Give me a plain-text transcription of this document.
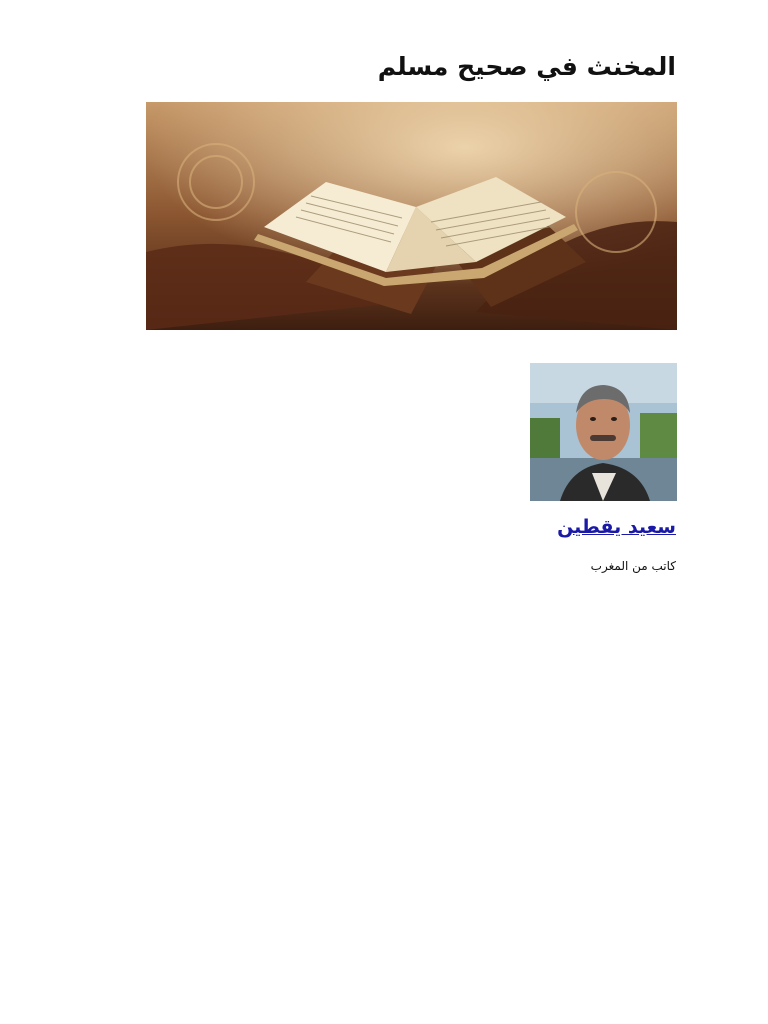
المخنث في صحيح مسلم
سعيد يقطين
كاتب من المغرب
